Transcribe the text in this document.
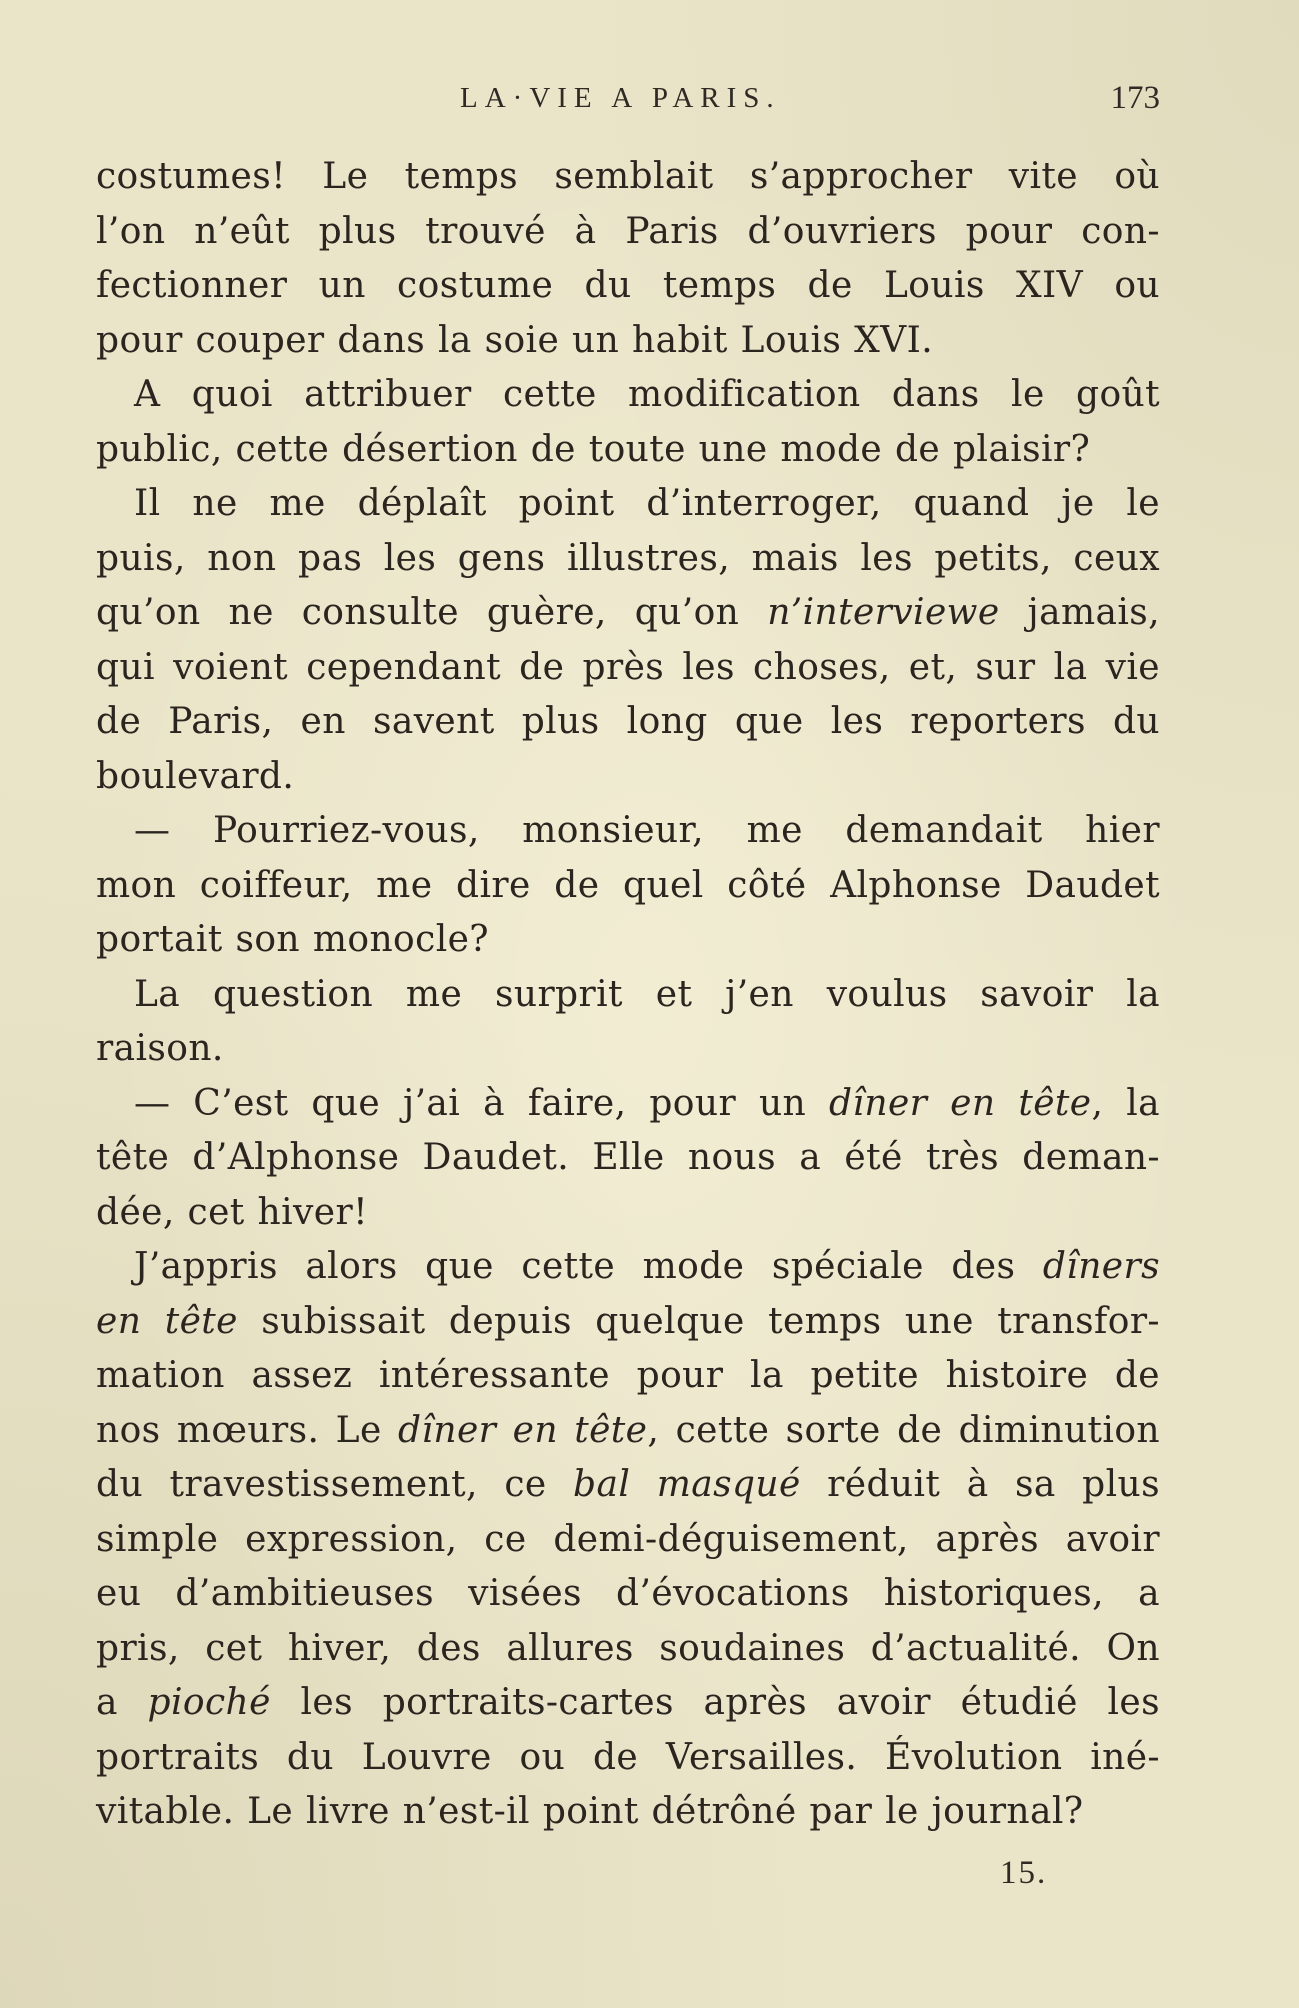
LA·VIE A PARIS.	173
costumes! Le temps semblait s’approcher vite où
l’on n’eût plus trouvé à Paris d’ouvriers pour con-
fectionner un costume du temps de Louis XIV ou
pour couper dans la soie un habit Louis XVI.
A quoi attribuer cette modification dans le goût
public, cette désertion de toute une mode de plaisir?
Il ne me déplaît point d’interroger, quand je le
puis, non pas les gens illustres, mais les petits, ceux
qu’on ne consulte guère, qu’on n’interviewe jamais,
qui voient cependant de près les choses, et, sur la vie
de Paris, en savent plus long que les reporters du
boulevard.
— Pourriez-vous, monsieur, me demandait hier
mon coiffeur, me dire de quel côté Alphonse Daudet
portait son monocle?
La question me surprit et j’en voulus savoir la
raison.
— C’est que j’ai à faire, pour un dîner en tête, la
tête d’Alphonse Daudet. Elle nous a été très deman-
dée, cet hiver!
J’appris alors que cette mode spéciale des dîners
en tête subissait depuis quelque temps une transfor-
mation assez intéressante pour la petite histoire de
nos mœurs. Le dîner en tête, cette sorte de diminution
du travestissement, ce bal masqué réduit à sa plus
simple expression, ce demi-déguisement, après avoir
eu d’ambitieuses visées d’évocations historiques, a
pris, cet hiver, des allures soudaines d’actualité. On
a pioché les portraits-cartes après avoir étudié les
portraits du Louvre ou de Versailles. Évolution iné-
vitable. Le livre n’est-il point détrôné par le journal?
15.
